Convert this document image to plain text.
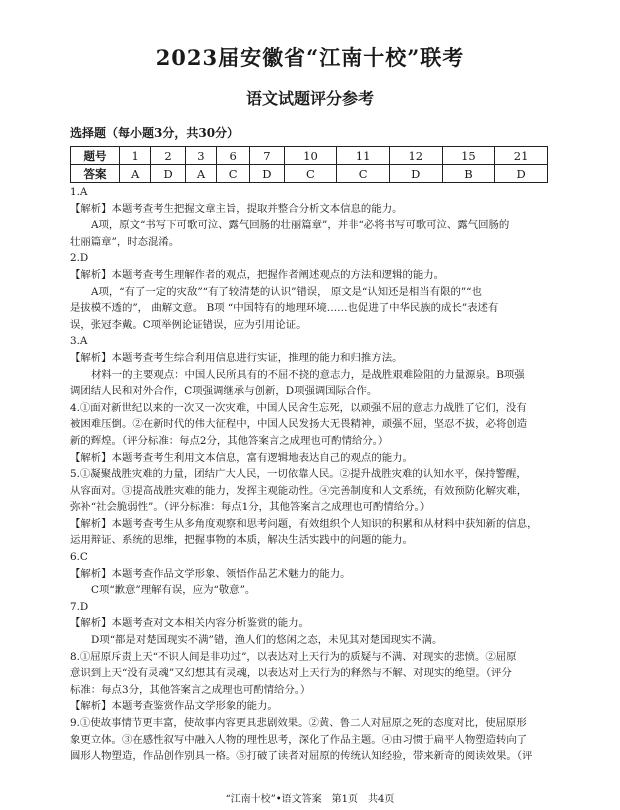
2023届安徽省“江南十校”联考
语文试题评分参考
选择题（每小题3分，共30分）
题号	1	2	3	6	7	10	11	12	15	21
答案	A	D	A	C	D	C	C	D	B	D

1.A

【解析】本题考查考生把握文章主旨，提取并整合分析文本信息的能力。

A项，原文“书写下可歌可泣、露气回肠的壮丽篇章”，并非“必将书写可歌可泣、露气回肠的

壮丽篇章”，时态混淆。

2.D

【解析】本题考查考生理解作者的观点，把握作者阐述观点的方法和逻辑的能力。

A项，“有了一定的灾敌”“有了较清楚的认识”错误， 原文是“认知还是相当有限的”“也

是拔模不透的”， 曲解文意。 B项 “中国特有的地理环境……也促进了中华民族的成长”表述有

误，张冠李戴。C项举例论证错误，应为引用论证。

3.A

【解析】本题考查考生综合利用信息进行实证，推理的能力和归推方法。

材料一的主要观点：中国人民所具有的不屈不挠的意志力，是战胜艰难险阻的力量源泉。B项强

调团结人民和对外合作，C项强调继承与创新，D项强调国际合作。

4.①面对新世纪以来的一次又一次灾难，中国人民舍生忘死，以顽强不屈的意志力战胜了它们，没有

被困难压倒。②在新时代的伟大征程中，中国人民发扬大无畏精神，顽强不屈，坚忍不拔，必将创造

新的辉煌。（评分标准：每点2分，其他答案言之成理也可酌情给分。）

【解析】本题考查考生利用文本信息，富有逻辑地表达自己的观点的能力。

5.①凝聚战胜灾难的力量，团结广大人民，一切依靠人民。②提升战胜灾难的认知水平，保持警醒，

从容面对。③提高战胜灾难的能力，发挥主观能动性。④完善制度和人文系统，有效预防化解灾难，

弥补“社会脆弱性”。（评分标准：每点1分，其他答案言之成理也可酌情给分。）

【解析】本题考查考生从多角度观察和思考问题，有效组织个人知识的积累和从材料中获知新的信息，

运用辩证、系统的思维，把握事物的本质，解决生活实践中的问题的能力。

6.C

【解析】本题考查作品文学形象、领悟作品艺术魅力的能力。

C项“歉意”理解有误，应为“敬意”。

7.D

【解析】本题考查对文本相关内容分析鉴赏的能力。

D项“都是对楚国现实不满”错，渔人们的悠闲之态，未见其对楚国现实不满。

8.①屈原斥责上天“不识人间是非功过”，以表达对上天行为的质疑与不满、对现实的悲愤。②屈原

意识到上天“没有灵魂”又幻想其有灵魂，以表达对上天行为的释然与不解、对现实的绝望。（评分

标准：每点3分，其他答案言之成理也可酌情给分。）

【解析】本题考查鉴赏作品文学形象的能力。

9.①使故事情节更丰富，使故事内容更具悲剧效果。②黄、鲁二人对屈原之死的态度对比，使屈原形

象更立体。③在感性叙写中融入人物的理性思考，深化了作品主题。④由习惯于扁平人物塑造转向了

圆形人物塑造，作品创作别具一格。⑤打破了读者对屈原的传统认知经验，带来新奇的阅读效果。（评

“江南十校”•语文答案　第1页　共4页
